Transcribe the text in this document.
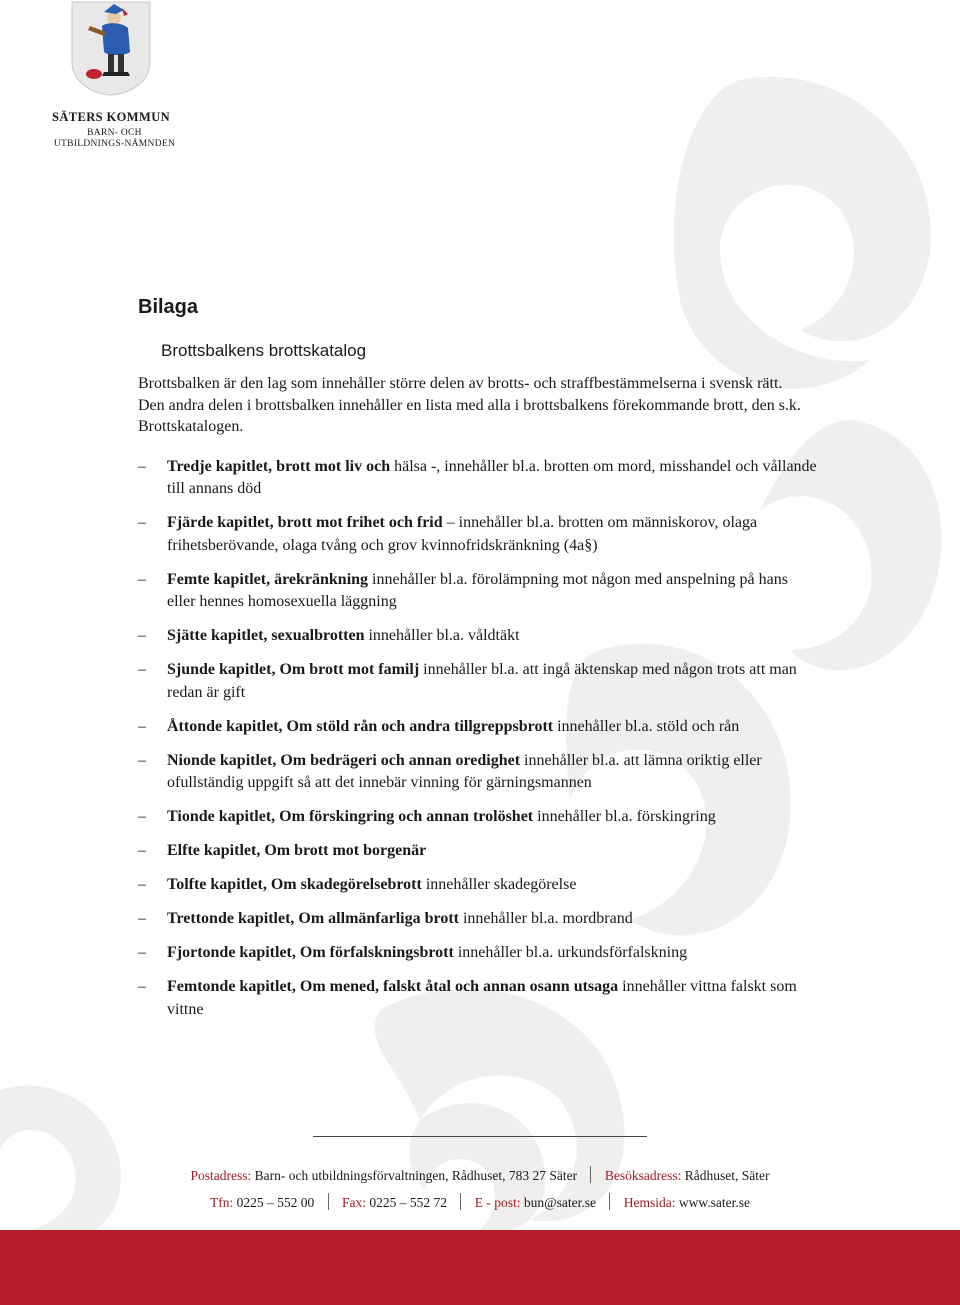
SÄTERS KOMMUN
BARN- OCH UTBILDNINGS-NÄMNDEN
Bilaga
Brottsbalkens brottskatalog

Brottsbalken är den lag som innehåller större delen av brotts- och straffbestämmelserna i svensk rätt. Den andra delen i brottsbalken innehåller en lista med alla i brottsbalkens förekommande brott, den s.k. Brottskatalogen.

– Tredje kapitlet, brott mot liv och hälsa -, innehåller bl.a. brotten om mord, misshandel och vållande till annans död
– Fjärde kapitlet, brott mot frihet och frid – innehåller bl.a. brotten om människorov, olaga frihetsberövande, olaga tvång och grov kvinnofridskränkning (4a§)
– Femte kapitlet, ärekränkning innehåller bl.a. förolämpning mot någon med anspelning på hans eller hennes homosexuella läggning
– Sjätte kapitlet, sexualbrotten innehåller bl.a. våldtäkt
– Sjunde kapitlet, Om brott mot familj innehåller bl.a. att ingå äktenskap med någon trots att man redan är gift
– Åttonde kapitlet, Om stöld rån och andra tillgreppsbrott innehåller bl.a. stöld och rån
– Nionde kapitlet, Om bedrägeri och annan oredighet innehåller bl.a. att lämna oriktig eller ofullständig uppgift så att det innebär vinning för gärningsmannen
– Tionde kapitlet, Om förskingring och annan trolöshet innehåller bl.a. förskingring
– Elfte kapitlet, Om brott mot borgenär
– Tolfte kapitlet, Om skadegörelsebrott innehåller skadegörelse
– Trettonde kapitlet, Om allmänfarliga brott innehåller bl.a. mordbrand
– Fjortonde kapitlet, Om förfalskningsbrott innehåller bl.a. urkundsförfalskning
– Femtonde kapitlet, Om mened, falskt åtal och annan osann utsaga innehåller vittna falskt som vittne
Postadress: Barn- och utbildningsförvaltningen, Rådhuset, 783 27 Säter Besöksadress: Rådhuset, Säter
Tfn: 0225 – 552 00 Fax: 0225 – 552 72 E - post: bun@sater.se Hemsida: www.sater.se
